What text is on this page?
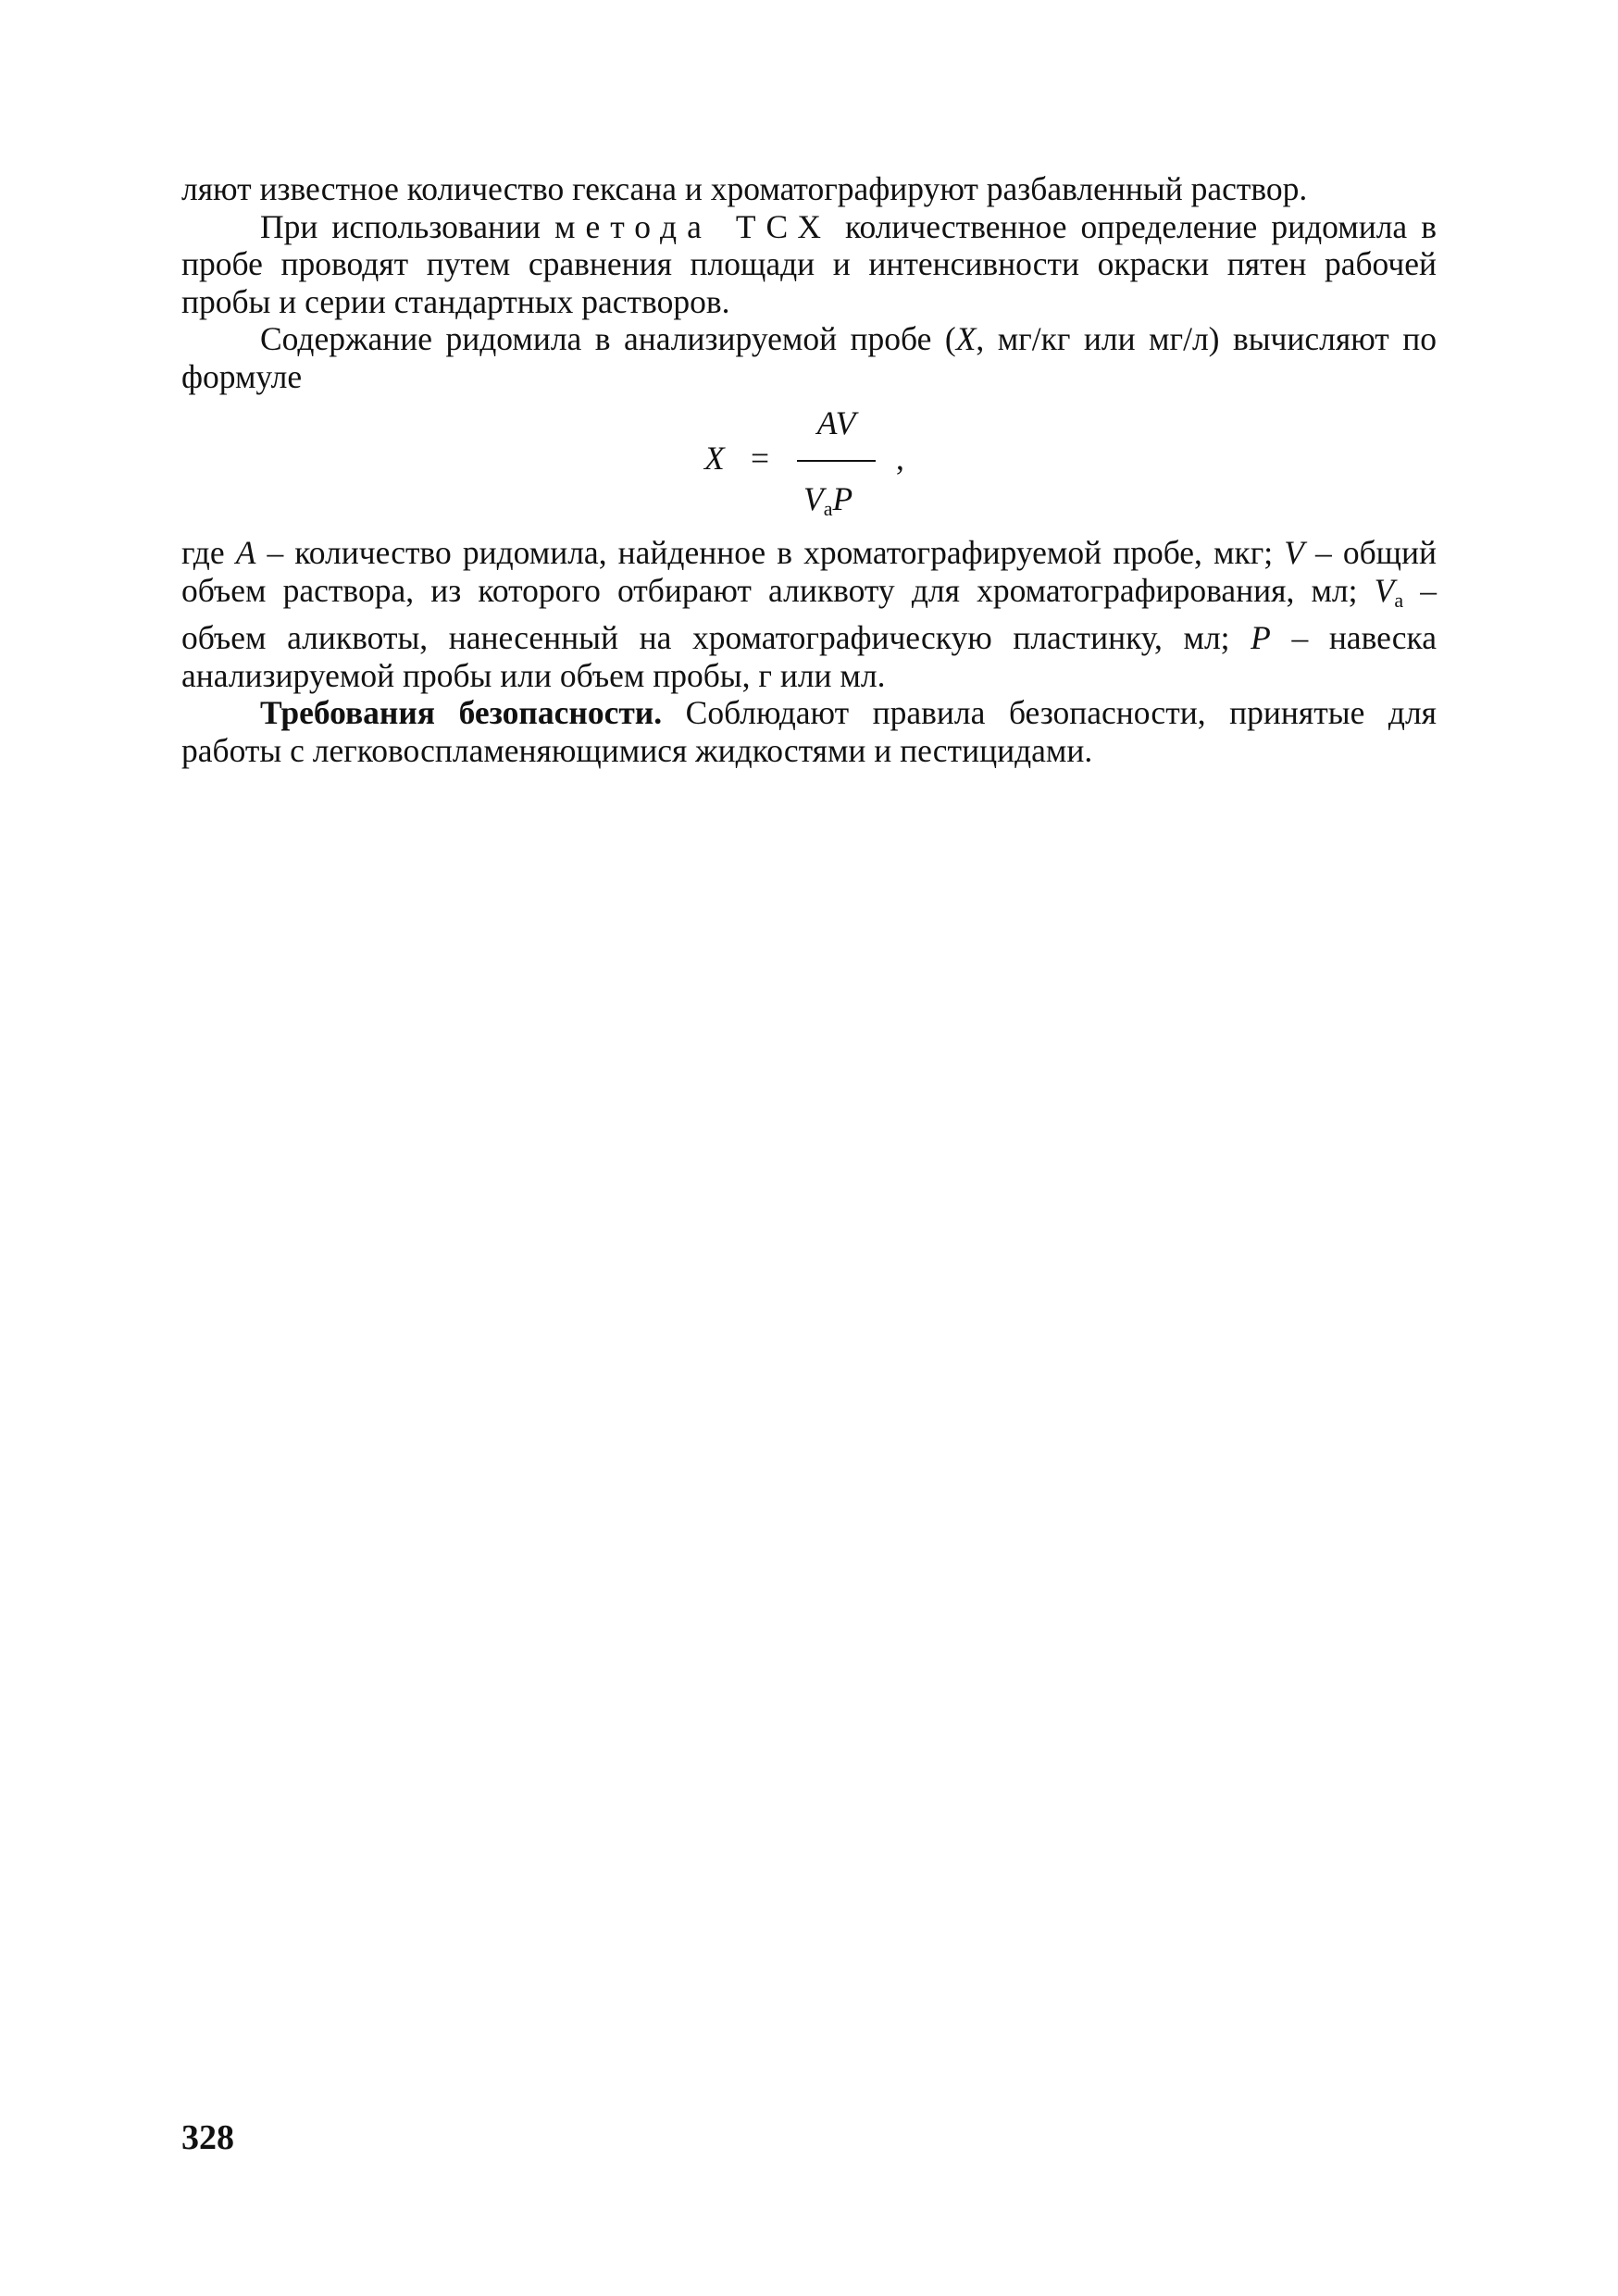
ляют известное количество гексана и хроматографируют разбавленный раствор.

При использовании метода ТСХ количественное определение ридомила в пробе проводят путем сравнения площади и интенсивности окраски пятен рабочей пробы и серии стандартных растворов.

Содержание ридомила в анализируемой пробе (X, мг/кг или мг/л) вычисляют по формуле

X =
AV
$V_aP$
,

где A – количество ридомила, найденное в хроматографируемой пробе, мкг; V – общий объем раствора, из которого отбирают аликвоту для хроматографирования, мл; $V_a$ – объем аликвоты, нанесенный на хроматографическую пластинку, мл; P – навеска анализируемой пробы или объем пробы, г или мл.

Требования безопасности. Соблюдают правила безопасности, принятые для работы с легковоспламеняющимися жидкостями и пестицидами.

328
